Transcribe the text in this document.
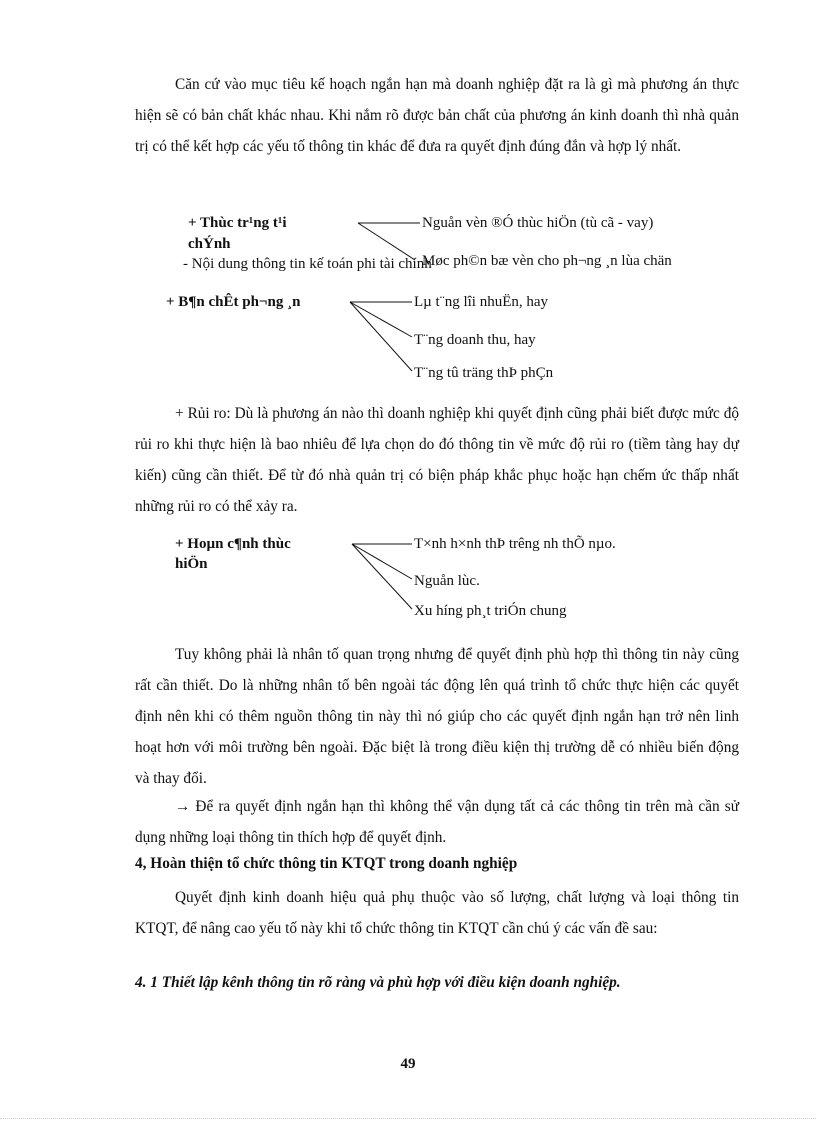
Căn cứ vào mục tiêu kế hoạch ngắn hạn mà doanh nghiệp đặt ra là gì mà phương án thực hiện sẽ có bản chất khác nhau. Khi nắm rõ được bản chất của phương án kinh doanh thì nhà quản trị có thể kết hợp các yếu tố thông tin khác để đưa ra quyết định đúng đắn và hợp lý nhất.

+ Thùc tr¹ng t¹i
chÝnh
Nguån vèn ®Ó thùc hiÖn (tù cã - vay)
Møc ph©n bæ vèn cho ph¬ng ¸n lùa chän
- Nội dung thông tin kế toán phi tài chính
+ B¶n chÊt ph¬ng ¸n	Lµ t¨ng lîi nhuËn, hay
T¨ng doanh thu, hay
T¨ng tû träng thÞ phÇn

+ Rủi ro: Dù là phương án nào thì doanh nghiệp khi quyết định cũng phải biết được mức độ rủi ro khi thực hiện là bao nhiêu để lựa chọn do đó thông tin về mức độ rủi ro (tiềm tàng hay dự kiến) cũng cần thiết. Để từ đó nhà quản trị có biện pháp khắc phục hoặc hạn chếm ức thấp nhất những rủi ro có thể xảy ra.

+ Hoµn c¶nh thùc
hiÖn
T×nh h×nh thÞ trêng nh thÕ nµo.
Nguån lùc.
Xu híng ph¸t triÓn chung

Tuy không phải là nhân tố quan trọng nhưng để quyết định phù hợp thì thông tin này cũng rất cần thiết. Do là những nhân tố bên ngoài tác động lên quá trình tổ chức thực hiện các quyết định nên khi có thêm nguồn thông tin này thì nó giúp cho các quyết định ngắn hạn trở nên linh hoạt hơn với môi trường bên ngoài. Đặc biệt là trong điều kiện thị trường dễ có nhiều biến động và thay đổi.

→ Để ra quyết định ngắn hạn thì không thể vận dụng tất cả các thông tin trên mà cần sử dụng những loại thông tin thích hợp để quyết định.

4, Hoàn thiện tổ chức thông tin KTQT trong doanh nghiệp

Quyết định kinh doanh hiệu quả phụ thuộc vào số lượng, chất lượng và loại thông tin KTQT, để nâng cao yếu tố này khi tổ chức thông tin KTQT cần chú ý các vấn đề sau:

4. 1 Thiết lập kênh thông tin rõ ràng và phù hợp với điều kiện doanh nghiệp.

49
